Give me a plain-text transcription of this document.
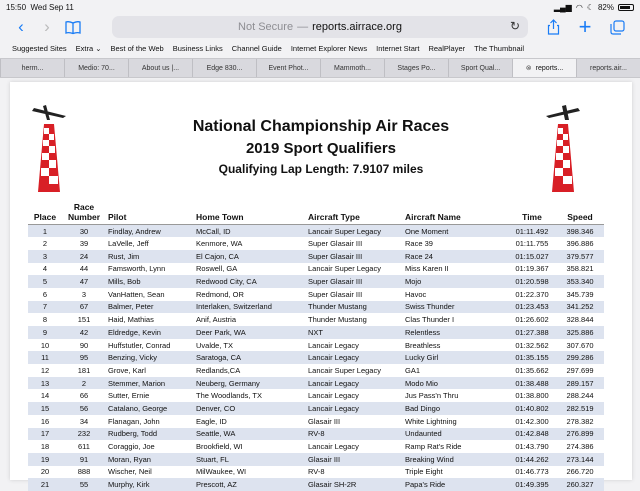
15:50 Wed Sep 11	▂▄▆ ◠ ☾ 82%
‹ ›	Not Secure — reports.airrace.org	↻	+
Suggested Sites Extra ⌄ Best of the Web Business Links Channel Guide Internet Explorer News Internet Start RealPlayer The Thumbnail
herm...	Medio: 70...	About us |...	Edge 830...	Event Phot...	Mammoth...	Stages Po...	Sport Qual...	⊗ reports...	reports.air...
National Championship Air Races
2019 Sport Qualifiers
Qualifying Lap Length: 7.9107 miles
Place	Race
Number	Pilot	Home Town	Aircraft Type	Aircraft Name	Time	Speed
1	30	Findlay, Andrew	McCall, ID	Lancair Super Legacy	One Moment	01:11.492	398.346
2	39	LaVelle, Jeff	Kenmore, WA	Super Glasair III	Race 39	01:11.755	396.886
3	24	Rust, Jim	El Cajon, CA	Super Glasair III	Race 24	01:15.027	379.577
4	44	Famsworth, Lynn	Roswell, GA	Lancair Super Legacy	Miss Karen II	01:19.367	358.821
5	47	Mills, Bob	Redwood City, CA	Super Glasair III	Mojo	01:20.598	353.340
6	3	VanHatten, Sean	Redmond, OR	Super Glasair III	Havoc	01:22.370	345.739
7	67	Balmer, Peter	Interlaken, Switzerland	Thunder Mustang	Swiss Thunder	01:23.453	341.252
8	151	Haid, Mathias	Anif, Austria	Thunder Mustang	Clas Thunder I	01:26.602	328.844
9	42	Eldredge, Kevin	Deer Park, WA	NXT	Relentless	01:27.388	325.886
10	90	Huffstutler, Conrad	Uvalde, TX	Lancair Legacy	Breathless	01:32.562	307.670
11	95	Benzing, Vicky	Saratoga, CA	Lancair Legacy	Lucky Girl	01:35.155	299.286
12	181	Grove, Karl	Redlands,CA	Lancair Super Legacy	GA1	01:35.662	297.699
13	2	Stemmer, Marion	Neuberg, Germany	Lancair Legacy	Modo Mio	01:38.488	289.157
14	66	Sutter, Ernie	The Woodlands, TX	Lancair Legacy	Jus Pass'n Thru	01:38.800	288.244
15	56	Catalano, George	Denver, CO	Lancair Legacy	Bad Dingo	01:40.802	282.519
16	34	Flanagan, John	Eagle, ID	Glasair III	White Lightning	01:42.300	278.382
17	232	Rudberg, Todd	Seattle, WA	RV-8	Undaunted	01:42.848	276.899
18	611	Coraggio, Joe	Brookfield, WI	Lancair Legacy	Ramp Rat's Ride	01:43.790	274.386
19	91	Moran, Ryan	Stuart, FL	Glasair III	Breaking Wind	01:44.262	273.144
20	888	Wischer, Neil	MilWaukee, WI	RV-8	Triple Eight	01:46.773	266.720
21	55	Murphy, Kirk	Prescott, AZ	Glasair SH-2R	Papa's Ride	01:49.395	260.327
